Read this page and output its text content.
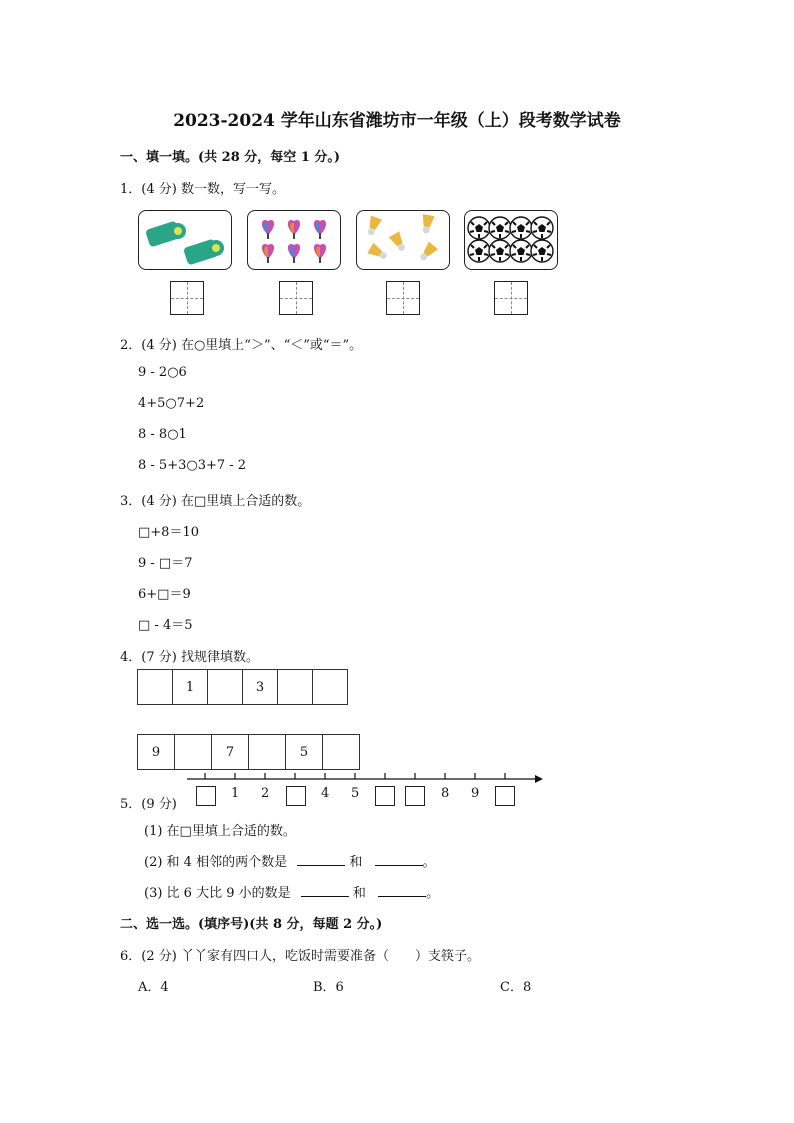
2023-2024 学年山东省潍坊市一年级（上）段考数学试卷
一、填一填。(共 28 分，每空 1 分。)
1．(4 分) 数一数，写一写。
2．(4 分) 在○里填上“＞”、“＜”或“＝”。
9 - 2○6
4+5○7+2
8 - 8○1
8 - 5+3○3+7 - 2
3．(4 分) 在□里填上合适的数。
□+8＝10
9 - □＝7
6+□＝9
□ - 4＝5
4．(7 分) 找规律填数。
1	3
9	7	5
5．(9 分)
1 2	4 5	8 9
(1) 在□里填上合适的数。
(2) 和 4 相邻的两个数是	和	。
(3) 比 6 大比 9 小的数是	和	。
二、选一选。(填序号)(共 8 分，每题 2 分。)
6．(2 分) 丫丫家有四口人，吃饭时需要准备（　　）支筷子。
A．4	B．6	C．8
